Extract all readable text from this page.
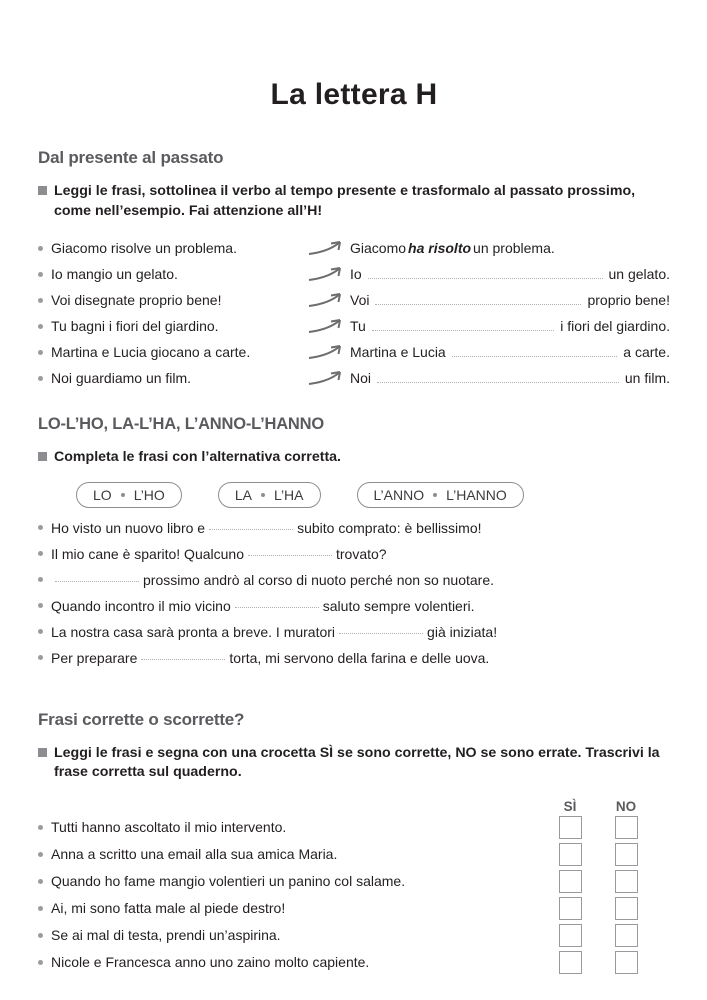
La lettera H
Dal presente al passato
Leggi le frasi, sottolinea il verbo al tempo presente e trasformalo al passato prossimo, come nell’esempio. Fai attenzione all’H!
Giacomo risolve un problema.	Giacomo ha risolto un problema.
Io mangio un gelato.	Io	un gelato.
Voi disegnate proprio bene!	Voi	proprio bene!
Tu bagni i fiori del giardino.	Tu	i fiori del giardino.
Martina e Lucia giocano a carte.	Martina e Lucia	a carte.
Noi guardiamo un film.	Noi	un film.
LO-L’HO, LA-L’HA, L’ANNO-L’HANNO
Completa le frasi con l’alternativa corretta.
LO L’HO	LA L’HA	L’ANNO L’HANNO
Ho visto un nuovo libro e	subito comprato: è bellissimo!
Il mio cane è sparito! Qualcuno	trovato?
prossimo andrò al corso di nuoto perché non so nuotare.
Quando incontro il mio vicino	saluto sempre volentieri.
La nostra casa sarà pronta a breve. I muratori	già iniziata!
Per preparare	torta, mi servono della farina e delle uova.
Frasi corrette o scorrette?
Leggi le frasi e segna con una crocetta SÌ se sono corrette, NO se sono errate. Trascrivi la frase corretta sul quaderno.
SÌ	NO
Tutti hanno ascoltato il mio intervento.
Anna a scritto una email alla sua amica Maria.
Quando ho fame mangio volentieri un panino col salame.
Ai, mi sono fatta male al piede destro!
Se ai mal di testa, prendi un’aspirina.
Nicole e Francesca anno uno zaino molto capiente.
